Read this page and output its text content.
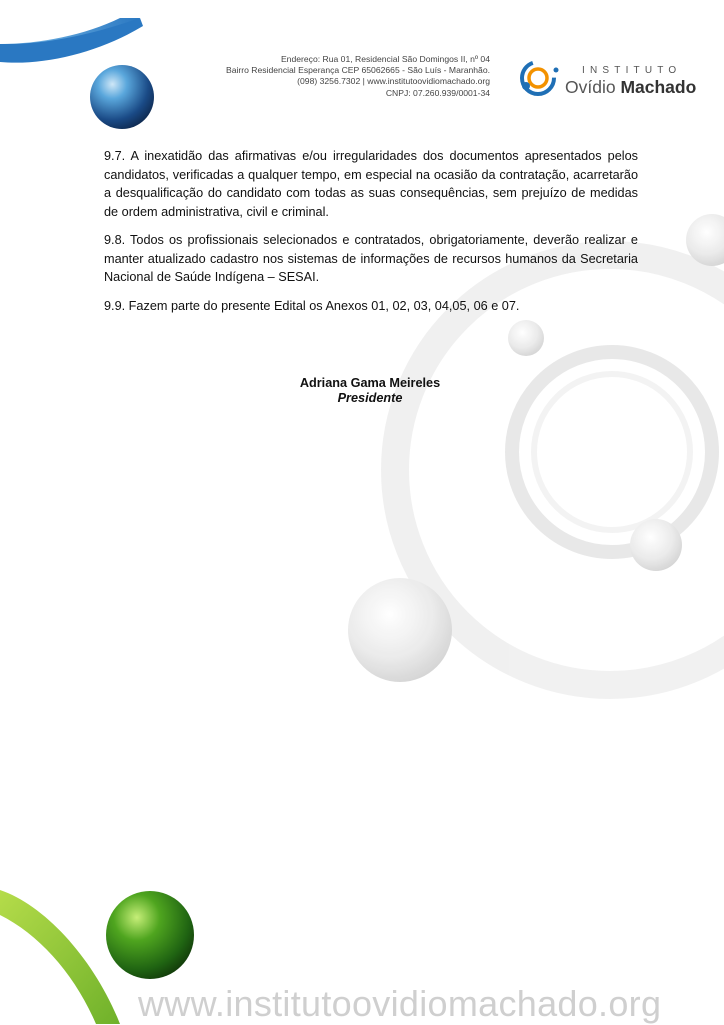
Endereço: Rua 01, Residencial São Domingos II, nº 04
Bairro Residencial Esperança CEP 65062665 - São Luís - Maranhão.
(098) 3256.7302 | www.institutoovidiomachado.org
CNPJ: 07.260.939/0001-34
INSTITUTO
Ovídio Machado

9.7. A inexatidão das afirmativas e/ou irregularidades dos documentos apresentados pelos candidatos, verificadas a qualquer tempo, em especial na ocasião da contratação, acarretarão a desqualificação do candidato com todas as suas consequências, sem prejuízo de medidas de ordem administrativa, civil e criminal.

9.8. Todos os profissionais selecionados e contratados, obrigatoriamente, deverão realizar e manter atualizado cadastro nos sistemas de informações de recursos humanos da Secretaria Nacional de Saúde Indígena – SESAI.

9.9. Fazem parte do presente Edital os Anexos 01, 02, 03, 04,05, 06 e 07.

Adriana Gama Meireles
Presidente
www.institutoovidiomachado.org
